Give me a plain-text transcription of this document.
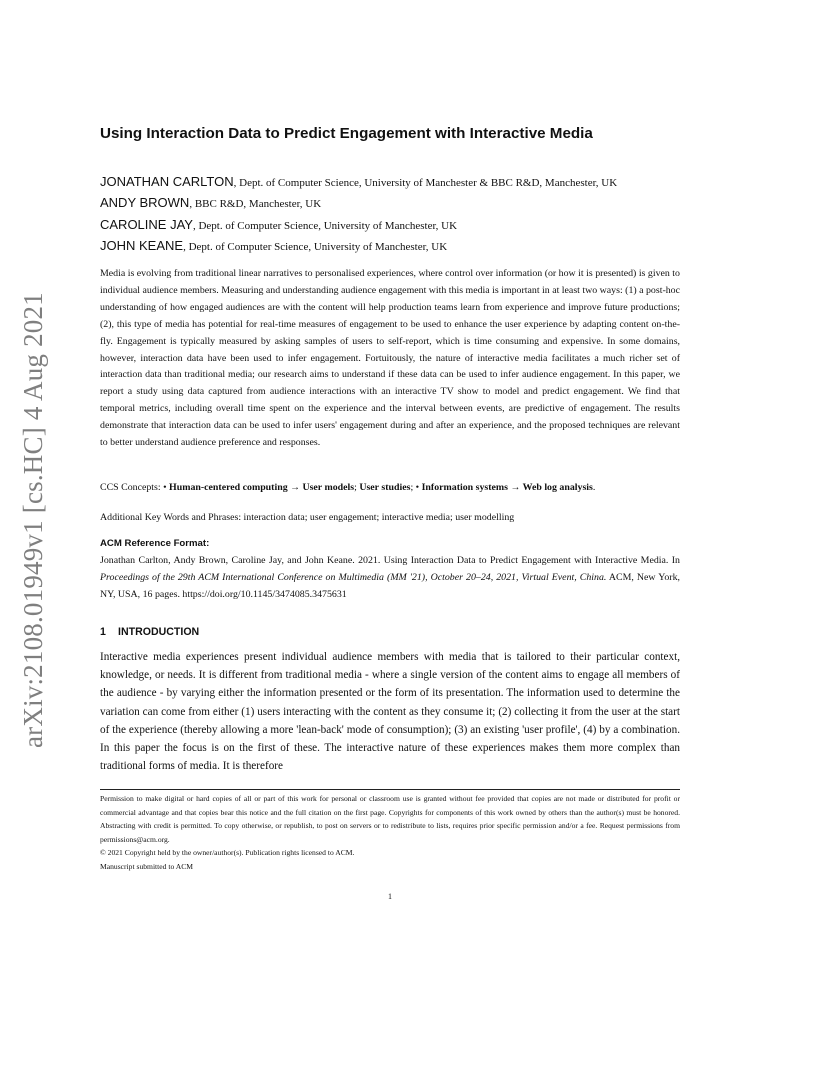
arXiv:2108.01949v1 [cs.HC] 4 Aug 2021
Using Interaction Data to Predict Engagement with Interactive Media
JONATHAN CARLTON, Dept. of Computer Science, University of Manchester & BBC R&D, Manchester, UK
ANDY BROWN, BBC R&D, Manchester, UK
CAROLINE JAY, Dept. of Computer Science, University of Manchester, UK
JOHN KEANE, Dept. of Computer Science, University of Manchester, UK

Media is evolving from traditional linear narratives to personalised experiences, where control over information (or how it is presented) is given to individual audience members. Measuring and understanding audience engagement with this media is important in at least two ways: (1) a post-hoc understanding of how engaged audiences are with the content will help production teams learn from experience and improve future productions; (2), this type of media has potential for real-time measures of engagement to be used to enhance the user experience by adapting content on-the-fly. Engagement is typically measured by asking samples of users to self-report, which is time consuming and expensive. In some domains, however, interaction data have been used to infer engagement. Fortuitously, the nature of interactive media facilitates a much richer set of interaction data than traditional media; our research aims to understand if these data can be used to infer audience engagement. In this paper, we report a study using data captured from audience interactions with an interactive TV show to model and predict engagement. We find that temporal metrics, including overall time spent on the experience and the interval between events, are predictive of engagement. The results demonstrate that interaction data can be used to infer users' engagement during and after an experience, and the proposed techniques are relevant to better understand audience preference and responses.

CCS Concepts: • Human-centered computing → User models; User studies; • Information systems → Web log analysis.
Additional Key Words and Phrases: interaction data; user engagement; interactive media; user modelling
ACM Reference Format:
Jonathan Carlton, Andy Brown, Caroline Jay, and John Keane. 2021. Using Interaction Data to Predict Engagement with Interactive Media. In Proceedings of the 29th ACM International Conference on Multimedia (MM '21), October 20–24, 2021, Virtual Event, China. ACM, New York, NY, USA, 16 pages. https://doi.org/10.1145/3474085.3475631
1 INTRODUCTION

Interactive media experiences present individual audience members with media that is tailored to their particular context, knowledge, or needs. It is different from traditional media - where a single version of the content aims to engage all members of the audience - by varying either the information presented or the form of its presentation. The information used to determine the variation can come from either (1) users interacting with the content as they consume it; (2) collecting it from the user at the start of the experience (thereby allowing a more 'lean-back' mode of consumption); (3) an existing 'user profile', (4) by a combination. In this paper the focus is on the first of these. The interactive nature of these experiences makes them more complex than traditional forms of media. It is therefore

Permission to make digital or hard copies of all or part of this work for personal or classroom use is granted without fee provided that copies are not made or distributed for profit or commercial advantage and that copies bear this notice and the full citation on the first page. Copyrights for components of this work owned by others than the author(s) must be honored. Abstracting with credit is permitted. To copy otherwise, or republish, to post on servers or to redistribute to lists, requires prior specific permission and/or a fee. Request permissions from permissions@acm.org.

© 2021 Copyright held by the owner/author(s). Publication rights licensed to ACM.
Manuscript submitted to ACM
1
